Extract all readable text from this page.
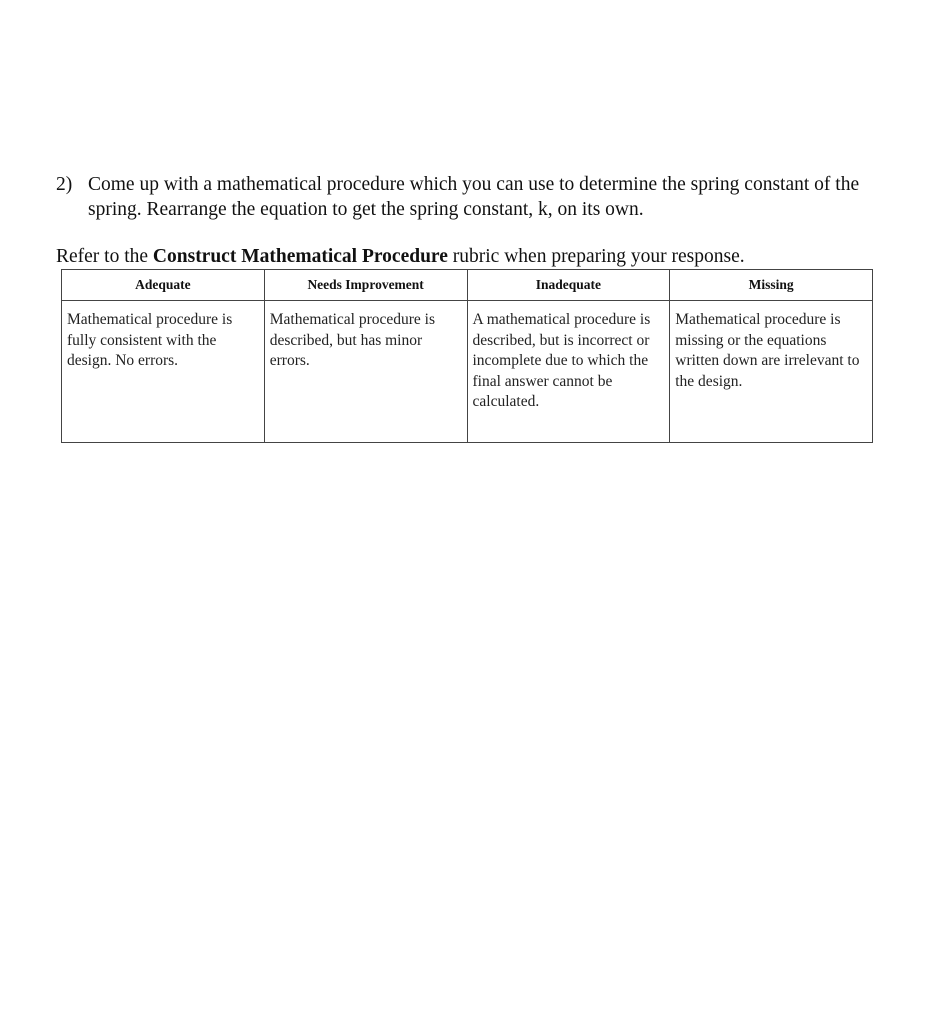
2) Come up with a mathematical procedure which you can use to determine the spring constant of the spring. Rearrange the equation to get the spring constant, k, on its own.
Refer to the Construct Mathematical Procedure rubric when preparing your response.
Adequate	Needs Improvement	Inadequate	Missing
Mathematical procedure is fully consistent with the design. No errors.	Mathematical procedure is described, but has minor errors.	A mathematical procedure is described, but is incorrect or incomplete due to which the final answer cannot be calculated.	Mathematical procedure is missing or the equations written down are irrelevant to the design.
